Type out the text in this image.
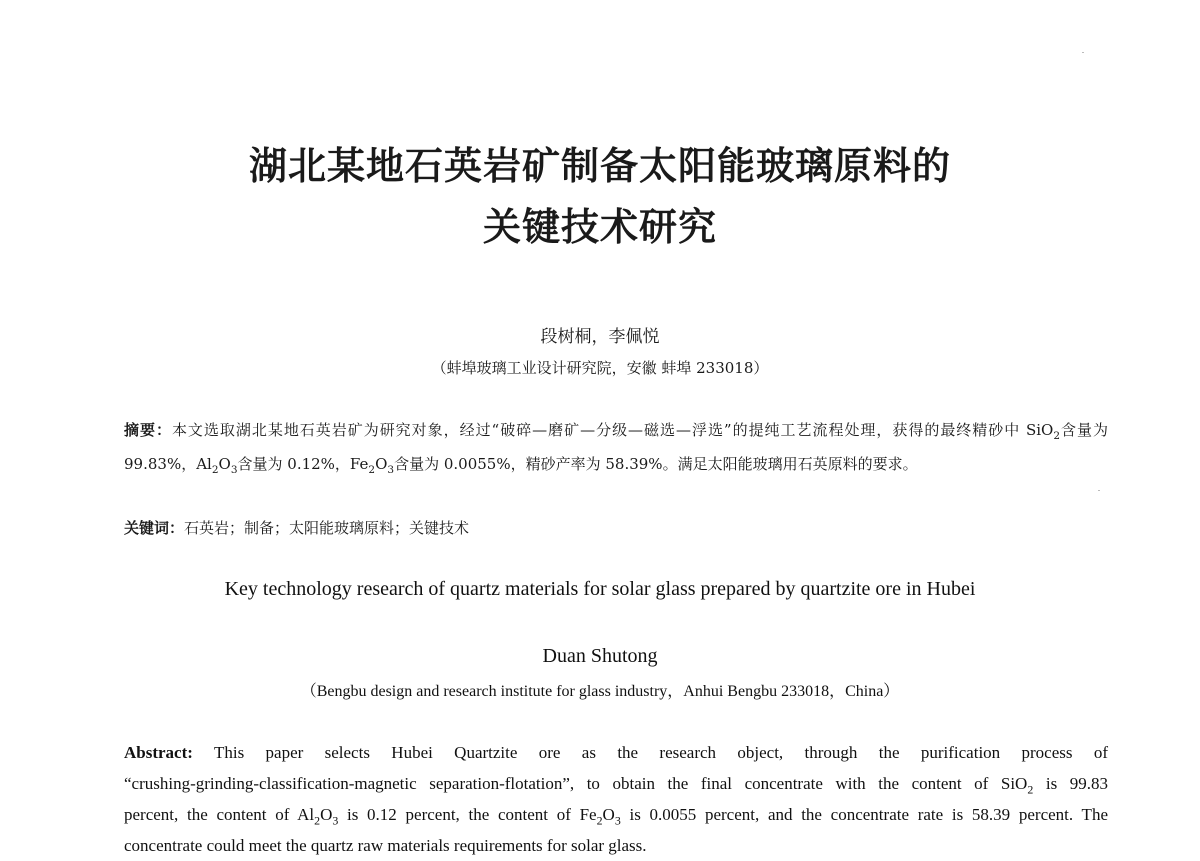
湖北某地石英岩矿制备太阳能玻璃原料的
关键技术研究
段树桐，李佩悦
（蚌埠玻璃工业设计研究院，安徽 蚌埠 233018）
摘要：本文选取湖北某地石英岩矿为研究对象，经过“破碎—磨矿—分级—磁选—浮选”的提纯工艺流程处理，获得的最终精砂中 SiO$_2$含量为 99.83%，$Al_2O_3$含量为 0.12%，$Fe_2O_3$含量为 0.0055%，精砂产率为 58.39%。满足太阳能玻璃用石英原料的要求。
关键词：石英岩；制备；太阳能玻璃原料；关键技术
Key technology research of quartz materials for solar glass prepared by quartzite ore in Hubei
Duan Shutong
（Bengbu design and research institute for glass industry，Anhui Bengbu 233018，China）
Abstract: This paper selects Hubei Quartzite ore as the research object, through the purification process of
“crushing-grinding-classification-magnetic separation-flotation”, to obtain the final concentrate with the content of SiO$_2$ is 99.83
percent, the content of $Al_2O_3$ is 0.12 percent, the content of $Fe_2O_3$ is 0.0055 percent, and the concentrate rate is 58.39 percent. The
concentrate could meet the quartz raw materials requirements for solar glass.
